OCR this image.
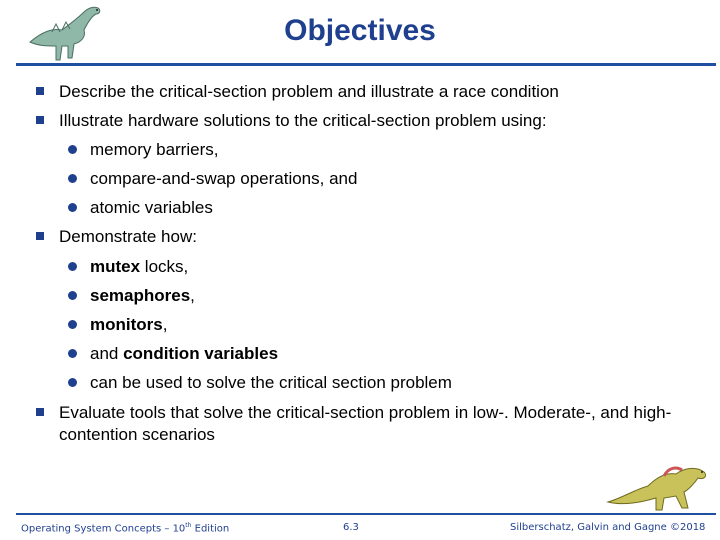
Objectives
Describe the critical-section problem and illustrate a race condition
Illustrate hardware solutions to the critical-section problem using:
memory barriers,
compare-and-swap operations, and
atomic variables
Demonstrate how:
mutex locks,
semaphores,
monitors,
and condition variables
can be used to solve the critical section problem
Evaluate tools that solve the critical-section problem in low-. Moderate-, and high-
contention scenarios
Operating System Concepts – 10th Edition	6.3	Silberschatz, Galvin and Gagne ©2018
